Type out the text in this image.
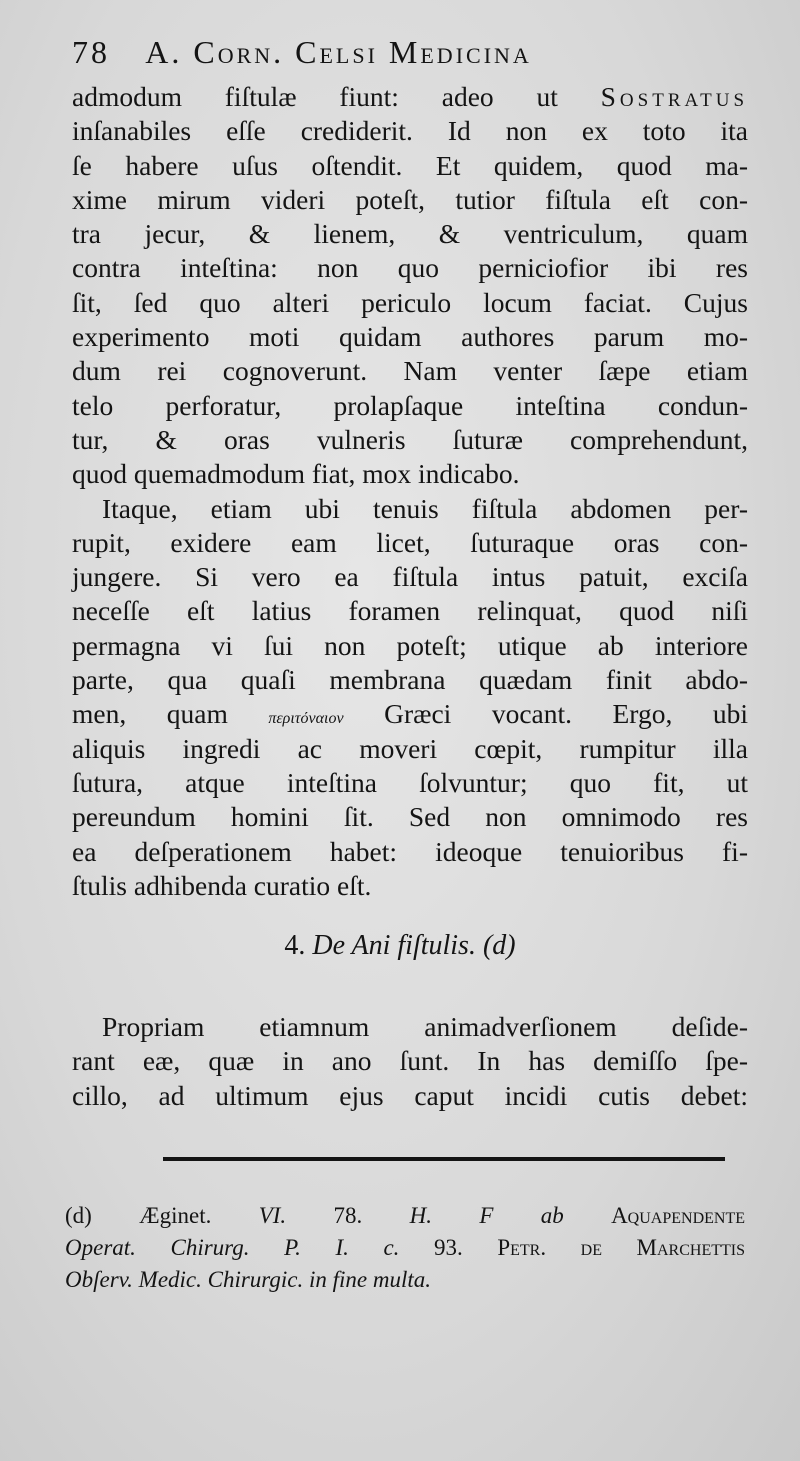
78 A. Corn. Celsi Medicina
admodum fiſtulæ fiunt: adeo ut Sostratus
inſanabiles eſſe crediderit. Id non ex toto ita
ſe habere uſus oſtendit. Et quidem, quod ma-
xime mirum videri poteſt, tutior fiſtula eſt con-
tra jecur, & lienem, & ventriculum, quam
contra inteſtina: non quo perniciofior ibi res
ſit, ſed quo alteri periculo locum faciat. Cujus
experimento moti quidam authores parum mo-
dum rei cognoverunt. Nam venter ſæpe etiam
telo perforatur, prolapſaque inteſtina condun-
tur, & oras vulneris ſuturæ comprehendunt,
quod quemadmodum fiat, mox indicabo.
Itaque, etiam ubi tenuis fiſtula abdomen per-
rupit, exidere eam licet, ſuturaque oras con-
jungere. Si vero ea fiſtula intus patuit, exciſa
neceſſe eſt latius foramen relinquat, quod niſi
permagna vi ſui non poteſt; utique ab interiore
parte, qua quaſi membrana quædam finit abdo-
men, quam	περιτόναιον Græci vocant. Ergo, ubi
aliquis ingredi ac moveri cœpit, rumpitur illa
ſutura, atque inteſtina ſolvuntur; quo fit, ut
pereundum homini ſit. Sed non omnimodo res
ea deſperationem habet: ideoque tenuioribus fi-
ſtulis adhibenda curatio eſt.
4. De Ani fiſtulis. (d)
Propriam etiamnum animadverſionem deſide-
rant eæ, quæ in ano ſunt. In has demiſſo ſpe-
cillo, ad ultimum ejus caput incidi cutis debet:
(d) Æginet. VI. 78. H. F ab Aquapendente
Operat. Chirurg. P. I. c. 93. Petr. de Marchettis
Obſerv. Medic. Chirurgic. in fine multa.
